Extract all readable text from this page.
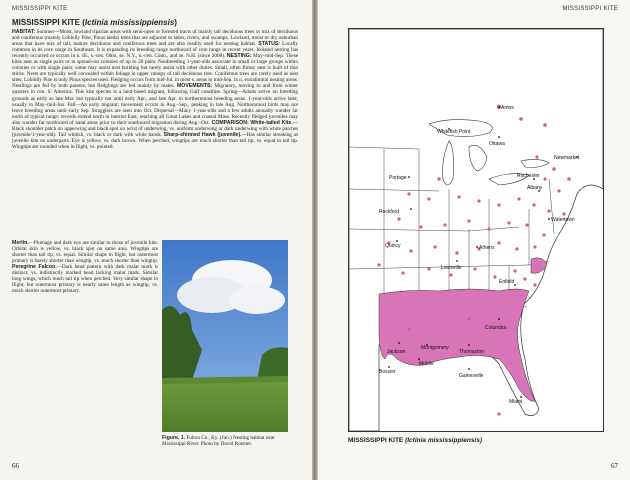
MISSISSIPPI KITE
MISSISSIPPI KITE (Ictinia mississippiensis)

HABITAT: Summer—Moist, lowland riparian areas with semi-open or forested tracts of mainly tall deciduous trees or mix of deciduous and coniferous (mainly Loblolly Pine, Pinus taeda) trees that are adjacent to lakes, rivers, and swamps. Lowland, moist or dry suburban areas that have mix of tall, mature deciduous and coniferous trees and are also readily used for nesting habitat. STATUS: Locally common in its core range in Southeast. It is expanding its breeding range northward of core range in recent years. Isolated nesting has recently occurred or occurs in n. Ill., s.-cen. Ohio, se. N.Y., n.-cen. Conn., and se. N.H. (since 2008). NESTING: May–mid-Sep. These kites nest as single pairs or in spread-out colonies of up to 20 pairs. Nonbreeding 1-year-olds associate in small or large groups within colonies or with single pairs; some may assist nest building but rarely assist with other duties. Small, often flimsy nest is built of thin sticks. Nests are typically well concealed within foliage in upper canopy of tall deciduous tree. Coniferous trees are rarely used as nest sites; Loblolly Pine is only Pinus species used. Fledging occurs from mid-Jul. in most s. areas to mid-Sep. in n. extralimital nesting areas. Nestlings are fed by both parents, but fledglings are fed mainly by males. MOVEMENTS: Migratory, moving to and from winter quarters in cen. S. America. This kite species is a land-based migrant, following Gulf coastline. Spring—Adults arrive on breeding grounds as early as late Mar. but typically not until early Apr., and late Apr. in northernmost breeding areas. 1-year-olds arrive later, usually in May–mid-Jun. Fall—An early migrant; movement occurs in Aug.–Sep., peaking in late Aug. Northernmost birds may not leave breeding areas until early Sep. Stragglers are seen into Oct. Dispersal—Many 1-year-olds and a few adults annually wander far north of typical range; records extend north in interior East, reaching all Great Lakes and coastal Mass. Recently fledged juveniles may also wander far northward of natal areas prior to their southward migration during Aug.–Oct. COMPARISON: White-tailed Kite.—Black shoulder patch on upperwing and black spot on wrist of underwing, vs. uniform underwing or dark underwing with white patches (juvenile/1-year-old). Tail whitish, vs. black or dark with white bands. Sharp-shinned Hawk (juvenile).—Has similar streaking as juvenile kite on underparts. Eye is yellow, vs. dark brown. When perched, wingtips are much shorter than tail tip, vs. equal to tail tip. Wingtips are rounded when in flight, vs. pointed.

Merlin.—Plumage and dark eye are similar to those of juvenile kite. Orbital skin is yellow, vs. black spot on same area. Wingtips are shorter than tail tip, vs. equal. Similar shape in flight, but outermost primary is barely shorter than wingtip, vs. much shorter than wingtip. Peregrine Falcon.—Dark head pattern with dark malar mark is distinct, vs. indistinctly marked head lacking malar mark. Similar long wings, which reach tail tip when perched. Very similar shape in flight, but outermost primary is nearly same length as wingtip, vs. much shorter outermost primary.
Figure. 1. Fulton Co., Ky. (Jun.) Nesting habitat near Mississippi River. Photo by David Roemer.
66
MISSISSIPPI KITE
Amos
Whitefish Point
Ottawa
Portage
Newmarket
Rochester
Albany
Rockford
Watertown
Quincy	Athens
Louisville
Enfield
Columbia
Jackson
Montgomery
Thomaston
Mobile
Bossier
Gainesville
Miami
MISSISSIPPI KITE (Ictinia mississippiensis)
67
